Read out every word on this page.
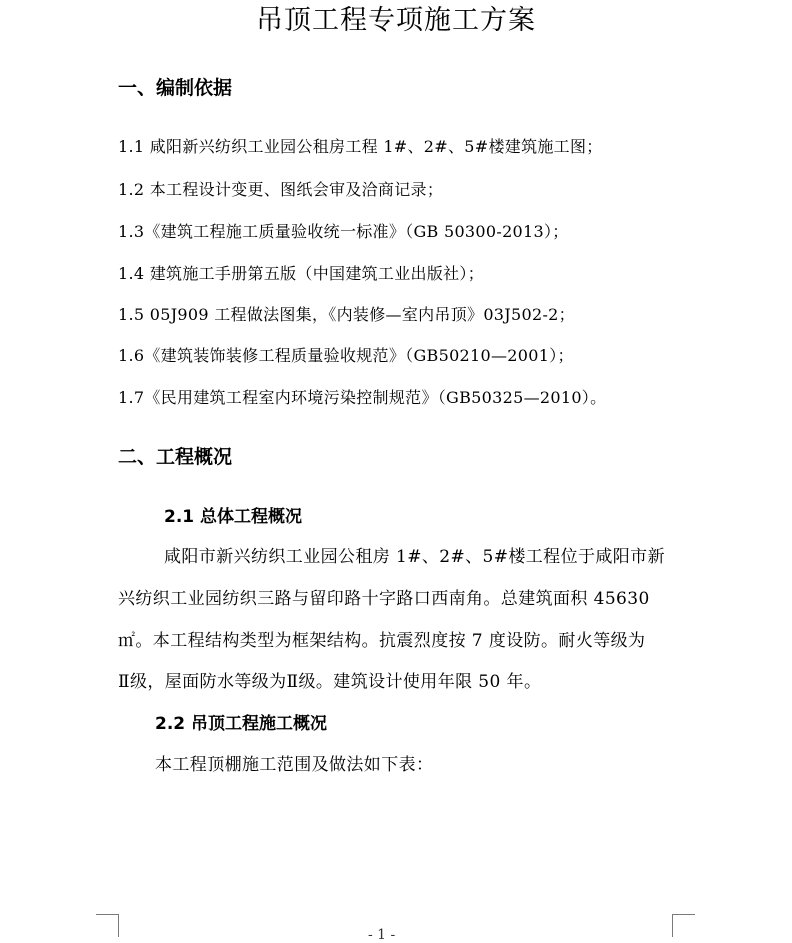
吊顶工程专项施工方案
一、编制依据
1.1 咸阳新兴纺织工业园公租房工程 1#、2#、5#楼建筑施工图；
1.2 本工程设计变更、图纸会审及洽商记录；
1.3《建筑工程施工质量验收统一标准》（GB 50300-2013）；
1.4 建筑施工手册第五版（中国建筑工业出版社）；
1.5 05J909 工程做法图集，《内装修—室内吊顶》03J502-2；
1.6《建筑装饰装修工程质量验收规范》（GB50210—2001）；
1.7《民用建筑工程室内环境污染控制规范》（GB50325—2010）。
二、工程概况
2.1 总体工程概况
咸阳市新兴纺织工业园公租房 1#、2#、5#楼工程位于咸阳市新
兴纺织工业园纺织三路与留印路十字路口西南角。总建筑面积 45630
㎡。本工程结构类型为框架结构。抗震烈度按 7 度设防。耐火等级为
Ⅱ级，屋面防水等级为Ⅱ级。建筑设计使用年限 50 年。
2.2 吊顶工程施工概况
本工程顶棚施工范围及做法如下表：
- 1 -
